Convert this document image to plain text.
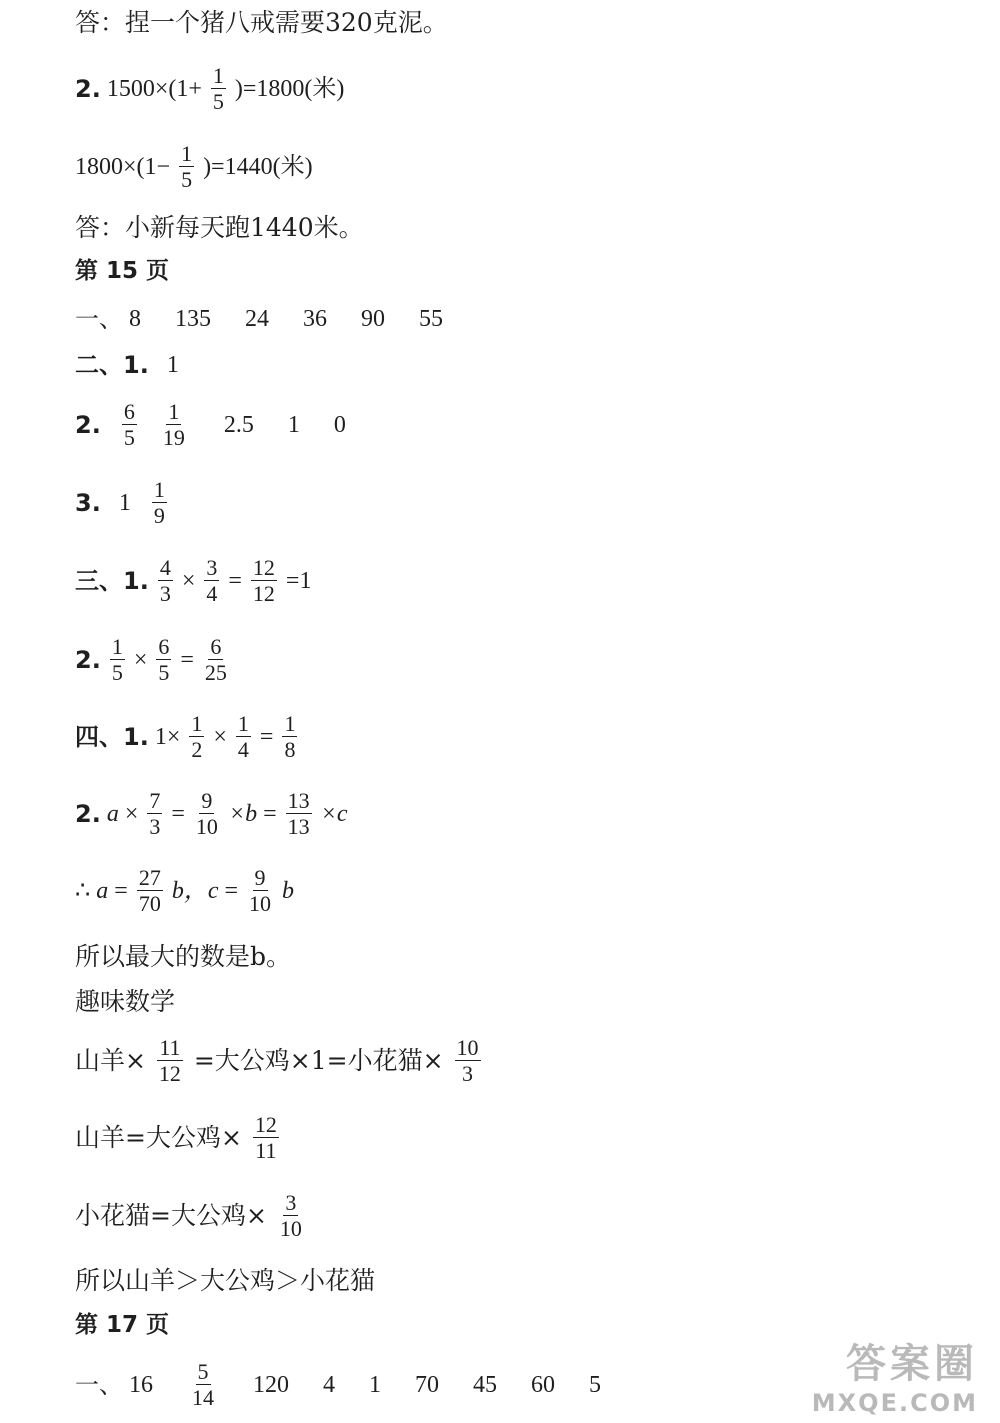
答：捏一个猪八戒需要320克泥。
2. $1500\times(1+ \frac{1}{5} )=1800$(米)
$1800\times(1- \frac{1}{5} )=1440$(米)
答：小新每天跑1440米。
第 15 页
一、 8 135 24 36 90 55
二、1. 1
2. $\frac{6}{5}$
$\frac{1}{19} 2.5$ 1 0
3. $1 \frac{1}{9}$
三、1. $\frac{4}{3} \times \frac{3}{4} = \frac{12}{12} =1$
2. $\frac{1}{5} \times \frac{6}{5} = \frac{6}{25}$
四、1. $1\times \frac{1}{2} \times \frac{1}{4} = \frac{1}{8}$
2. $a \times \frac{7}{3} = \frac{9}{10} \times b = \frac{13}{13} \times c$
∴ $a = \frac{27}{70}$ b，$c = \frac{9}{10}$ b
所以最大的数是b。
趣味数学
山羊× $\frac{11}{12}$ =大公鸡×1=小花猫× $\frac{10}{3}$
山羊=大公鸡× $\frac{12}{11}$
小花猫=大公鸡× $\frac{3}{10}$
所以山羊＞大公鸡＞小花猫
第 17 页
一、 $16 \frac{5}{14} 120$ 4 1 70 45 60 5	答案圈
MXQE.COM
